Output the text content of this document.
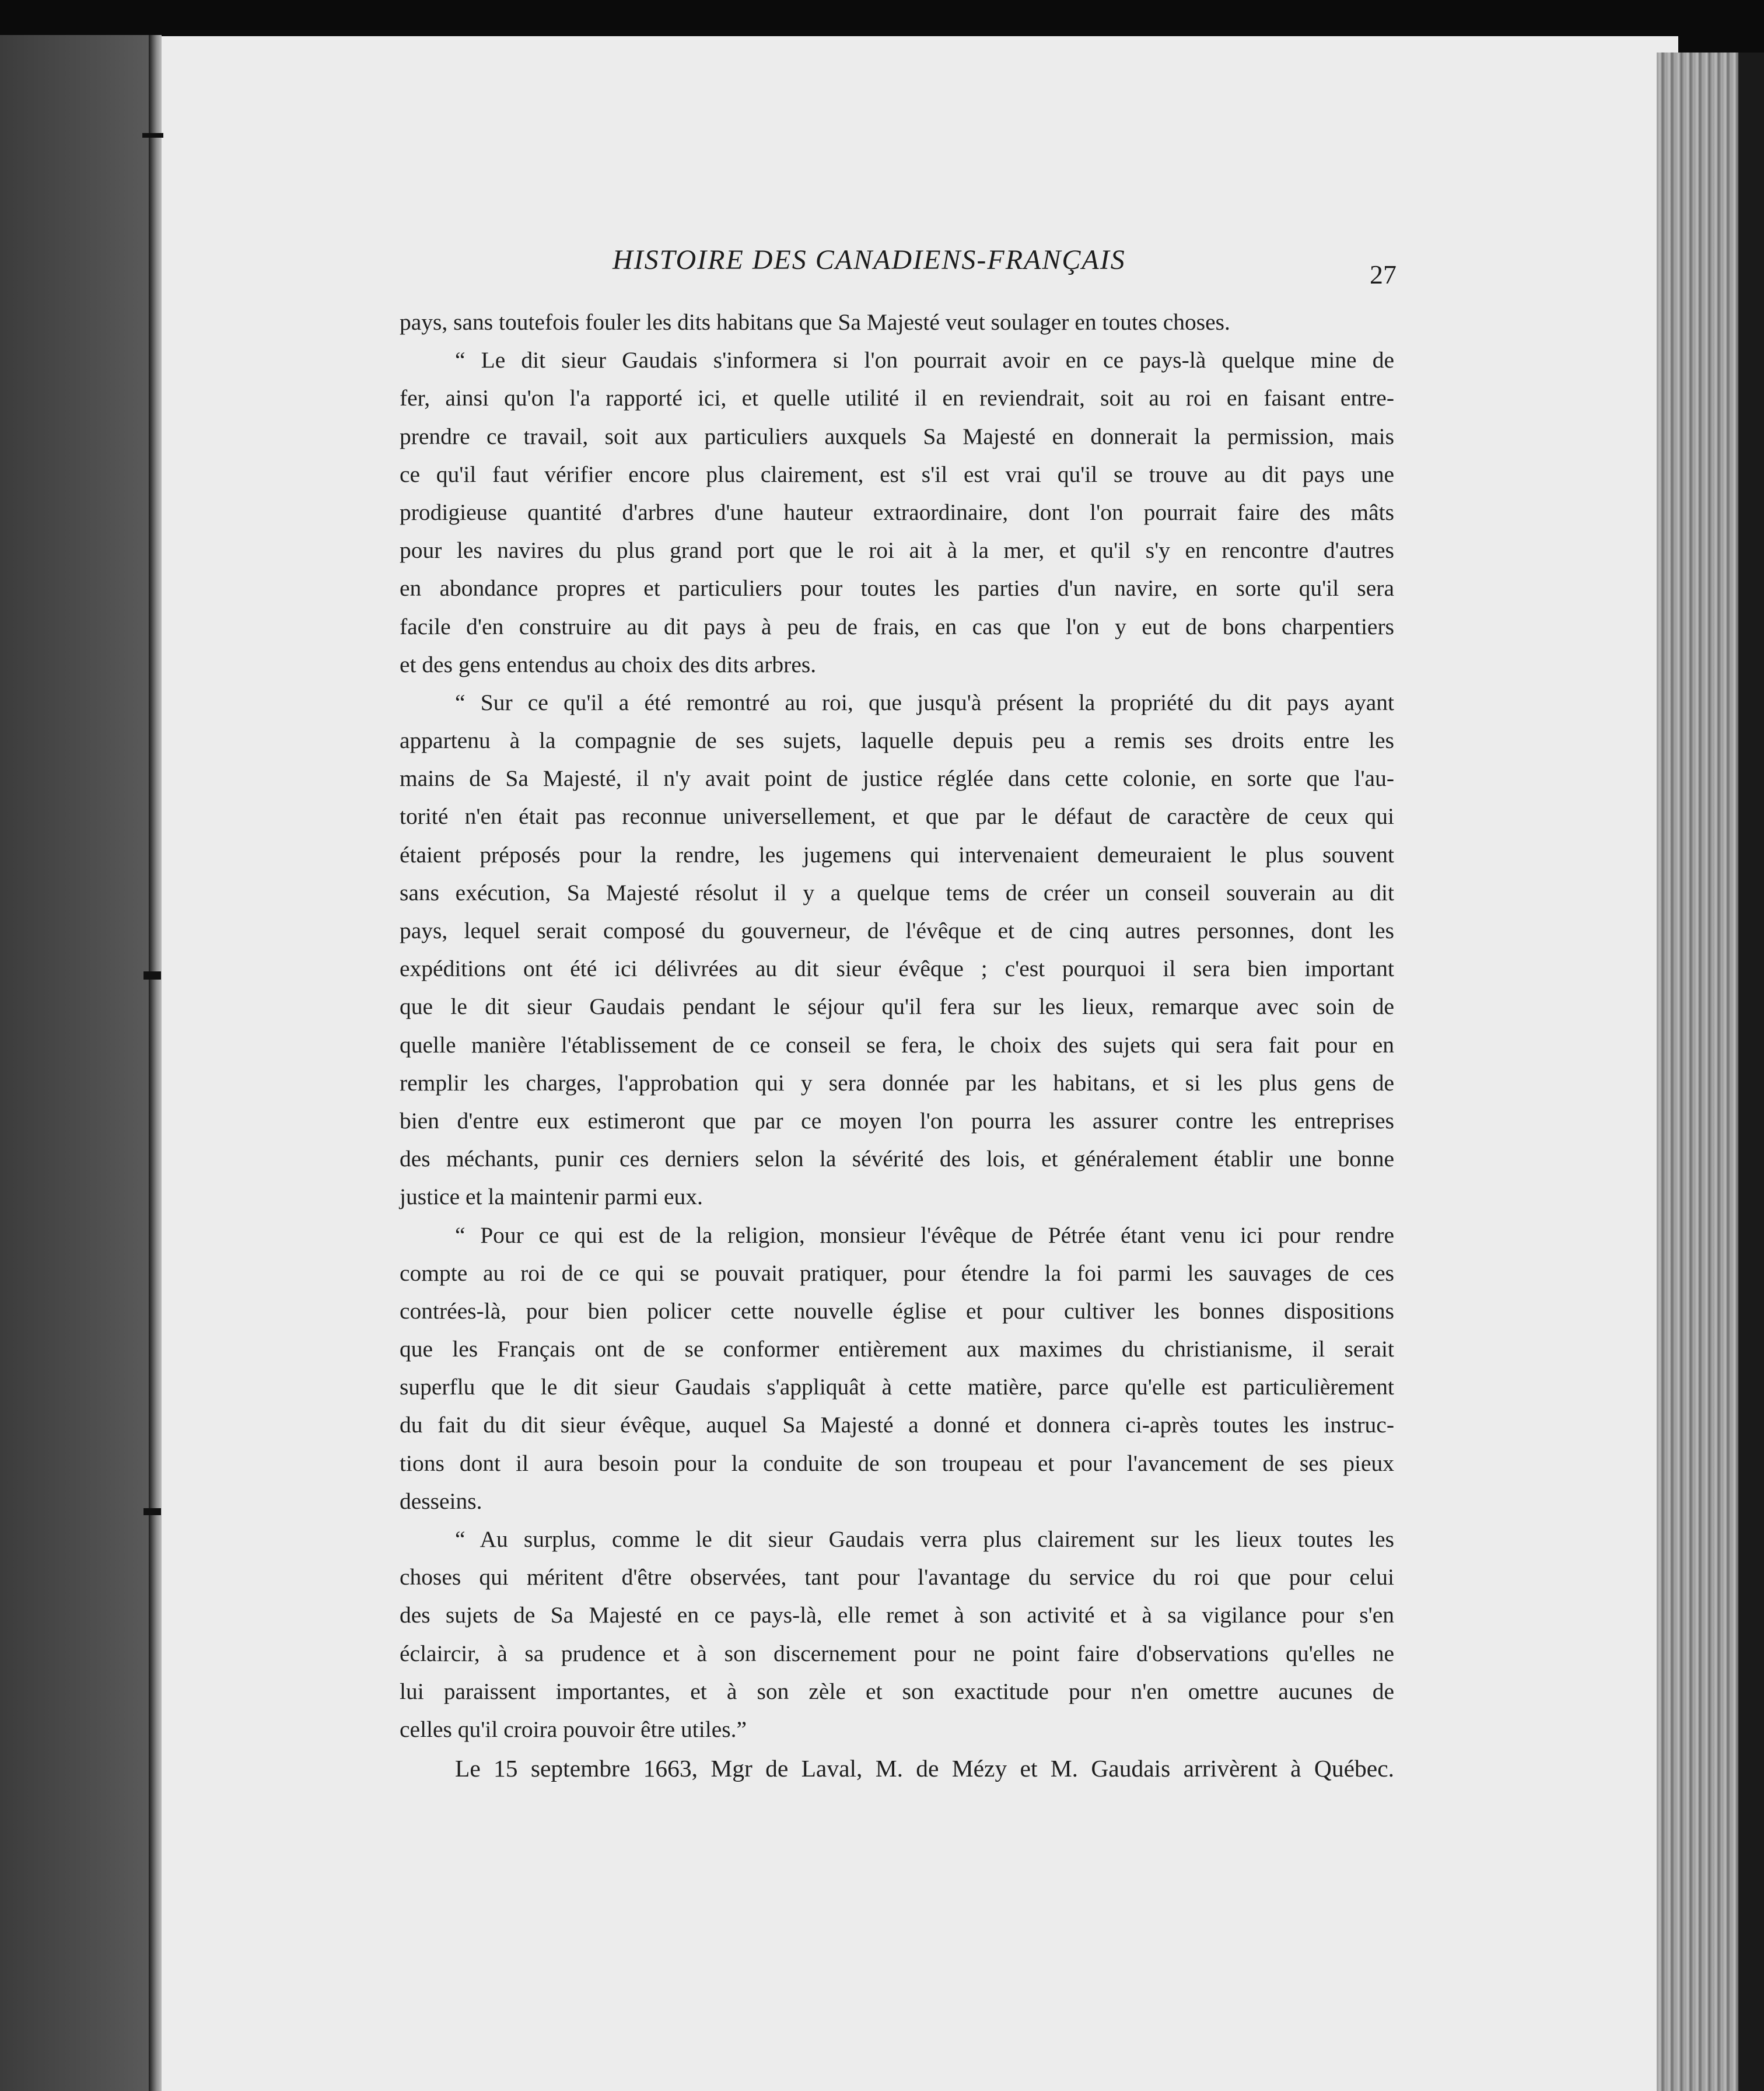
HISTOIRE DES CANADIENS-FRANÇAIS	27
pays, sans toutefois fouler les dits habitans que Sa Majesté veut soulager en toutes choses.
“ Le dit sieur Gaudais s'informera si l'on pourrait avoir en ce pays-là quelque mine de
fer, ainsi qu'on l'a rapporté ici, et quelle utilité il en reviendrait, soit au roi en faisant entre-
prendre ce travail, soit aux particuliers auxquels Sa Majesté en donnerait la permission, mais
ce qu'il faut vérifier encore plus clairement, est s'il est vrai qu'il se trouve au dit pays une
prodigieuse quantité d'arbres d'une hauteur extraordinaire, dont l'on pourrait faire des mâts
pour les navires du plus grand port que le roi ait à la mer, et qu'il s'y en rencontre d'autres
en abondance propres et particuliers pour toutes les parties d'un navire, en sorte qu'il sera
facile d'en construire au dit pays à peu de frais, en cas que l'on y eut de bons charpentiers
et des gens entendus au choix des dits arbres.
“ Sur ce qu'il a été remontré au roi, que jusqu'à présent la propriété du dit pays ayant
appartenu à la compagnie de ses sujets, laquelle depuis peu a remis ses droits entre les
mains de Sa Majesté, il n'y avait point de justice réglée dans cette colonie, en sorte que l'au-
torité n'en était pas reconnue universellement, et que par le défaut de caractère de ceux qui
étaient préposés pour la rendre, les jugemens qui intervenaient demeuraient le plus souvent
sans exécution, Sa Majesté résolut il y a quelque tems de créer un conseil souverain au dit
pays, lequel serait composé du gouverneur, de l'évêque et de cinq autres personnes, dont les
expéditions ont été ici délivrées au dit sieur évêque ; c'est pourquoi il sera bien important
que le dit sieur Gaudais pendant le séjour qu'il fera sur les lieux, remarque avec soin de
quelle manière l'établissement de ce conseil se fera, le choix des sujets qui sera fait pour en
remplir les charges, l'approbation qui y sera donnée par les habitans, et si les plus gens de
bien d'entre eux estimeront que par ce moyen l'on pourra les assurer contre les entreprises
des méchants, punir ces derniers selon la sévérité des lois, et généralement établir une bonne
justice et la maintenir parmi eux.
“ Pour ce qui est de la religion, monsieur l'évêque de Pétrée étant venu ici pour rendre
compte au roi de ce qui se pouvait pratiquer, pour étendre la foi parmi les sauvages de ces
contrées-là, pour bien policer cette nouvelle église et pour cultiver les bonnes dispositions
que les Français ont de se conformer entièrement aux maximes du christianisme, il serait
superflu que le dit sieur Gaudais s'appliquât à cette matière, parce qu'elle est particulièrement
du fait du dit sieur évêque, auquel Sa Majesté a donné et donnera ci-après toutes les instruc-
tions dont il aura besoin pour la conduite de son troupeau et pour l'avancement de ses pieux
desseins.
“ Au surplus, comme le dit sieur Gaudais verra plus clairement sur les lieux toutes les
choses qui méritent d'être observées, tant pour l'avantage du service du roi que pour celui
des sujets de Sa Majesté en ce pays-là, elle remet à son activité et à sa vigilance pour s'en
éclaircir, à sa prudence et à son discernement pour ne point faire d'observations qu'elles ne
lui paraissent importantes, et à son zèle et son exactitude pour n'en omettre aucunes de
celles qu'il croira pouvoir être utiles.”
Le 15 septembre 1663, Mgr de Laval, M. de Mézy et M. Gaudais arrivèrent à Québec.
